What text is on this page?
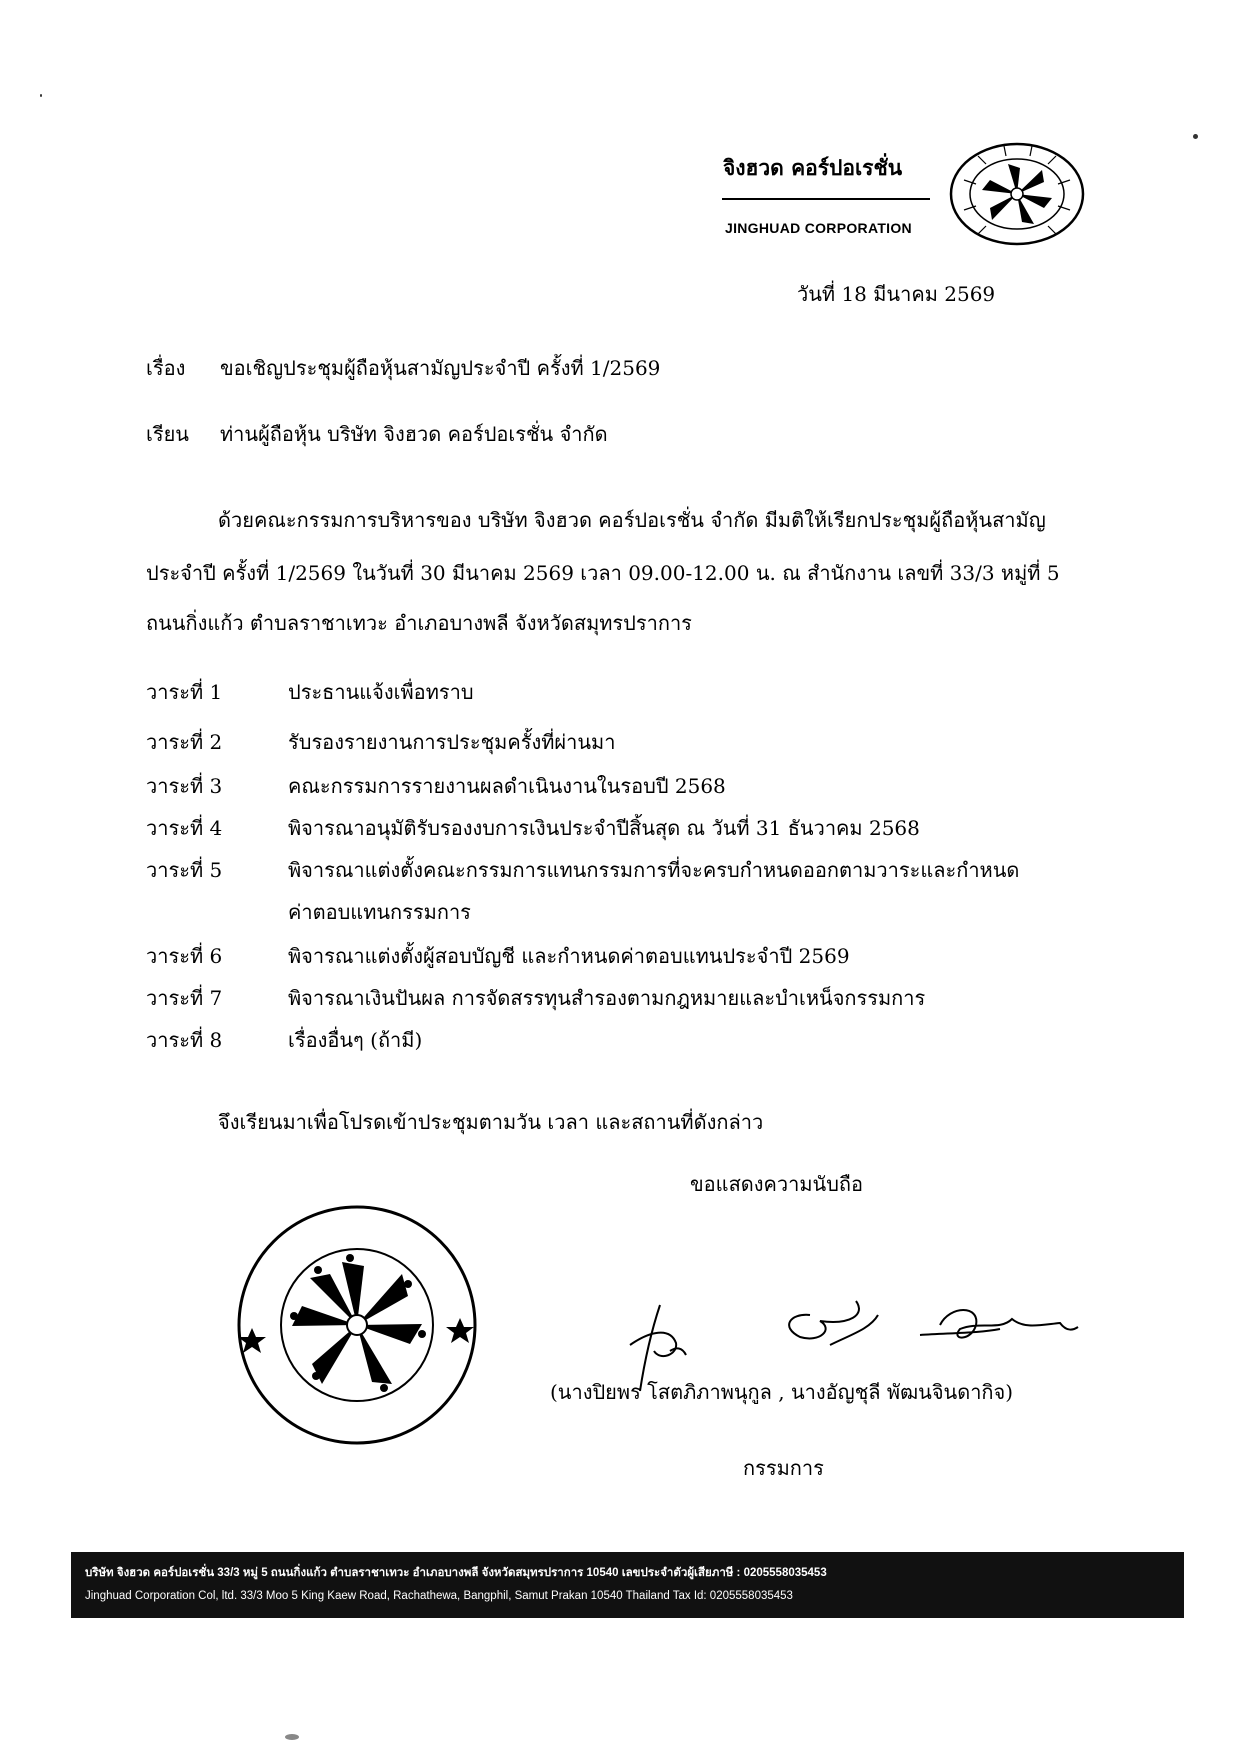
จิงฮวด คอร์ปอเรชั่น
JINGHUAD CORPORATION
วันที่ 18 มีนาคม 2569
เรื่อง ขอเชิญประชุมผู้ถือหุ้นสามัญประจำปี ครั้งที่ 1/2569
เรียน ท่านผู้ถือหุ้น บริษัท จิงฮวด คอร์ปอเรชั่น จำกัด
ด้วยคณะกรรมการบริหารของ บริษัท จิงฮวด คอร์ปอเรชั่น จำกัด มีมติให้เรียกประชุมผู้ถือหุ้นสามัญ
ประจำปี ครั้งที่ 1/2569 ในวันที่ 30 มีนาคม 2569 เวลา 09.00-12.00 น. ณ สำนักงาน เลขที่ 33/3 หมู่ที่ 5
ถนนกิ่งแก้ว ตำบลราชาเทวะ อำเภอบางพลี จังหวัดสมุทรปราการ
วาระที่ 1	ประธานแจ้งเพื่อทราบ
วาระที่ 2	รับรองรายงานการประชุมครั้งที่ผ่านมา
วาระที่ 3	คณะกรรมการรายงานผลดำเนินงานในรอบปี 2568
วาระที่ 4	พิจารณาอนุมัติรับรองงบการเงินประจำปีสิ้นสุด ณ วันที่ 31 ธันวาคม 2568
วาระที่ 5	พิจารณาแต่งตั้งคณะกรรมการแทนกรรมการที่จะครบกำหนดออกตามวาระและกำหนด
ค่าตอบแทนกรรมการ
วาระที่ 6	พิจารณาแต่งตั้งผู้สอบบัญชี และกำหนดค่าตอบแทนประจำปี 2569
วาระที่ 7	พิจารณาเงินปันผล การจัดสรรทุนสำรองตามกฎหมายและบำเหน็จกรรมการ
วาระที่ 8	เรื่องอื่นๆ (ถ้ามี)
จึงเรียนมาเพื่อโปรดเข้าประชุมตามวัน เวลา และสถานที่ดังกล่าว
ขอแสดงความนับถือ
(นางปิยพร โสตภิภาพนุกูล , นางอัญชุลี พัฒนจินดากิจ)
กรรมการ
บริษัท จิงฮวด คอร์ปอเรชั่น 33/3 หมู่ 5 ถนนกิ่งแก้ว ตำบลราชาเทวะ อำเภอบางพลี จังหวัดสมุทรปราการ 10540 เลขประจำตัวผู้เสียภาษี : 0205558035453
Jinghuad Corporation Col, ltd. 33/3 Moo 5 King Kaew Road, Rachathewa, Bangphil, Samut Prakan 10540 Thailand Tax Id: 0205558035453
